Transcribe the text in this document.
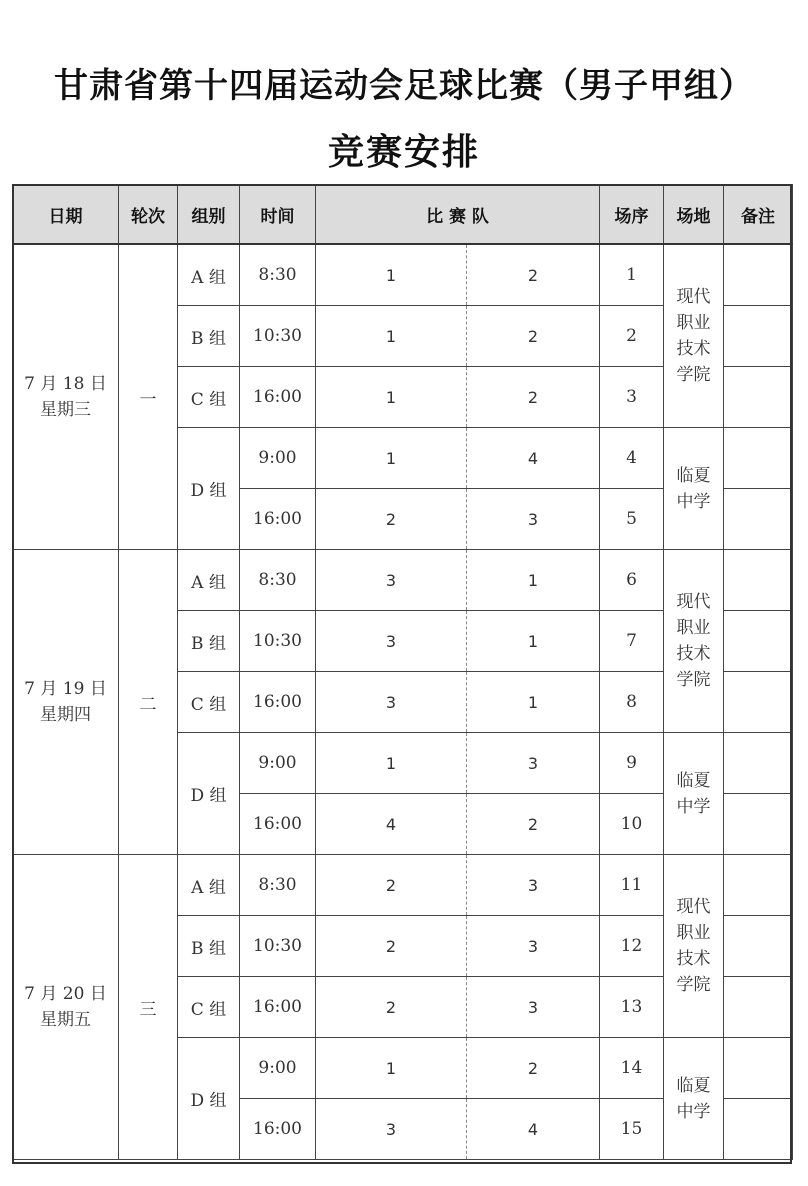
甘肃省第十四届运动会足球比赛（男子甲组）
竞赛安排
日期	轮次	组别	时间	比 赛 队		场序	场地	备注

7 月 18 日
星期三	一	A 组	8:30	1	2	1	现代
职业
技术
学院	

		B 组	10:30	1	2	2		
		C 组	16:00	1	2	3		
		D 组	9:00	1	4	4	临夏
中学	

			16:00	2	3	5		

7 月 19 日
星期四	二	A 组	8:30	3	1	6	现代
职业
技术
学院	

		B 组	10:30	3	1	7		
		C 组	16:00	3	1	8		
		D 组	9:00	1	3	9	临夏
中学	

			16:00	4	2	10		

7 月 20 日
星期五	三	A 组	8:30	2	3	11	现代
职业
技术
学院	

		B 组	10:30	2	3	12		
		C 组	16:00	2	3	13		
		D 组	9:00	1	2	14	临夏
中学	

			16:00	3	4	15		
